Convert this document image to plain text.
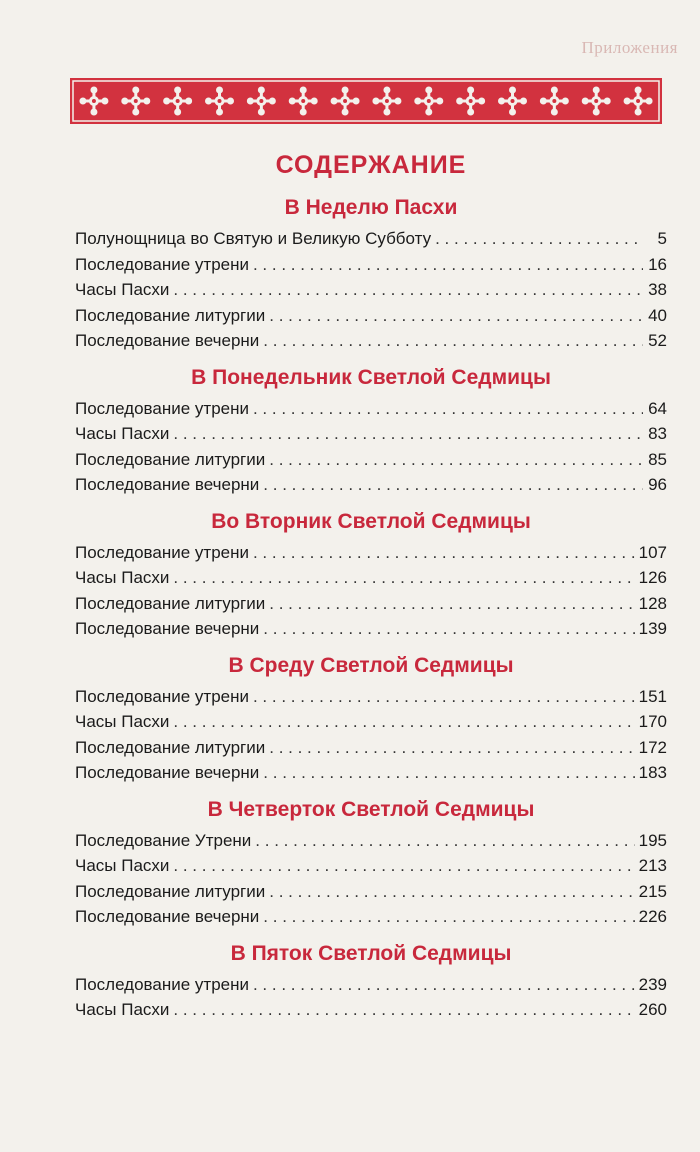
Приложения
СОДЕРЖАНИЕ
В Неделю Пасхи
Полунощница во Святую и Великую Субботу . . .	5
Последование утрени . . .	16
Часы Пасхи . . .	38
Последование литургии . . .	40
Последование вечерни . . .	52
В Понедельник Светлой Седмицы
Последование утрени . . .	64
Часы Пасхи . . .	83
Последование литургии . . .	85
Последование вечерни . . .	96
Во Вторник Светлой Седмицы
Последование утрени . . .	107
Часы Пасхи . . .	126
Последование литургии . . .	128
Последование вечерни . . .	139
В Среду Светлой Седмицы
Последование утрени . . .	151
Часы Пасхи . . .	170
Последование литургии . . .	172
Последование вечерни . . .	183
В Четверток Светлой Седмицы
Последование Утрени . . .	195
Часы Пасхи . . .	213
Последование литургии . . .	215
Последование вечерни . . .	226
В Пяток Светлой Седмицы
Последование утрени . . .	239
Часы Пасхи . . .	260
